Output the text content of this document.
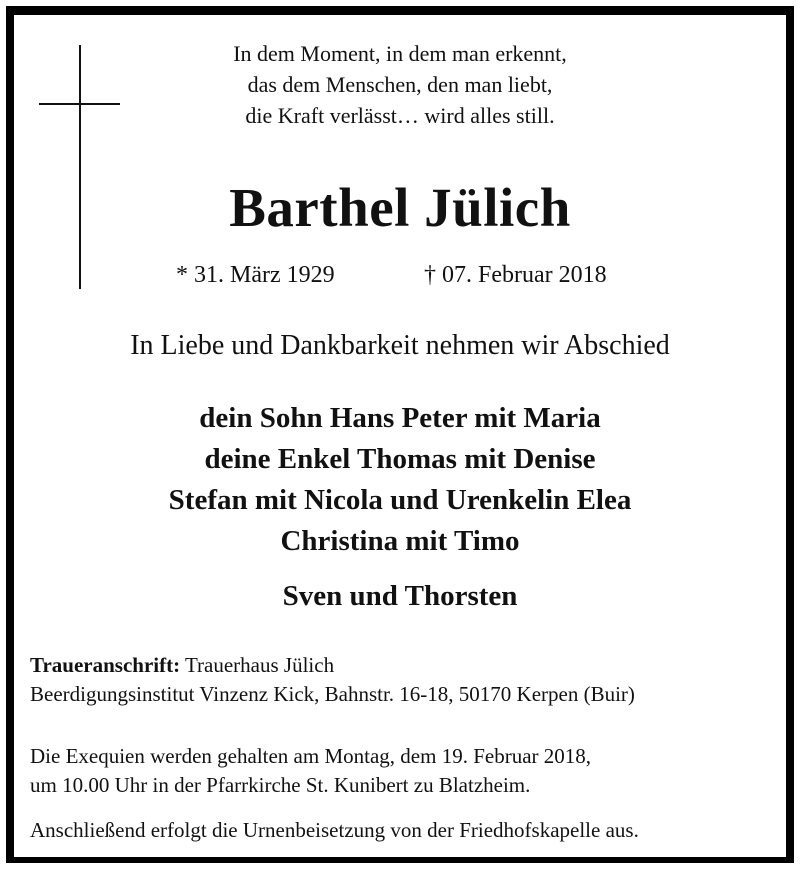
In dem Moment, in dem man erkennt,
das dem Menschen, den man liebt,
die Kraft verlässt… wird alles still.
Barthel Jülich
* 31. März 1929	† 07. Februar 2018
In Liebe und Dankbarkeit nehmen wir Abschied
dein Sohn Hans Peter mit Maria
deine Enkel Thomas mit Denise
Stefan mit Nicola und Urenkelin Elea
Christina mit Timo
Sven und Thorsten
Traueranschrift: Trauerhaus Jülich
Beerdigungsinstitut Vinzenz Kick, Bahnstr. 16-18, 50170 Kerpen (Buir)
Die Exequien werden gehalten am Montag, dem 19. Februar 2018,
um 10.00 Uhr in der Pfarrkirche St. Kunibert zu Blatzheim.
Anschließend erfolgt die Urnenbeisetzung von der Friedhofskapelle aus.
